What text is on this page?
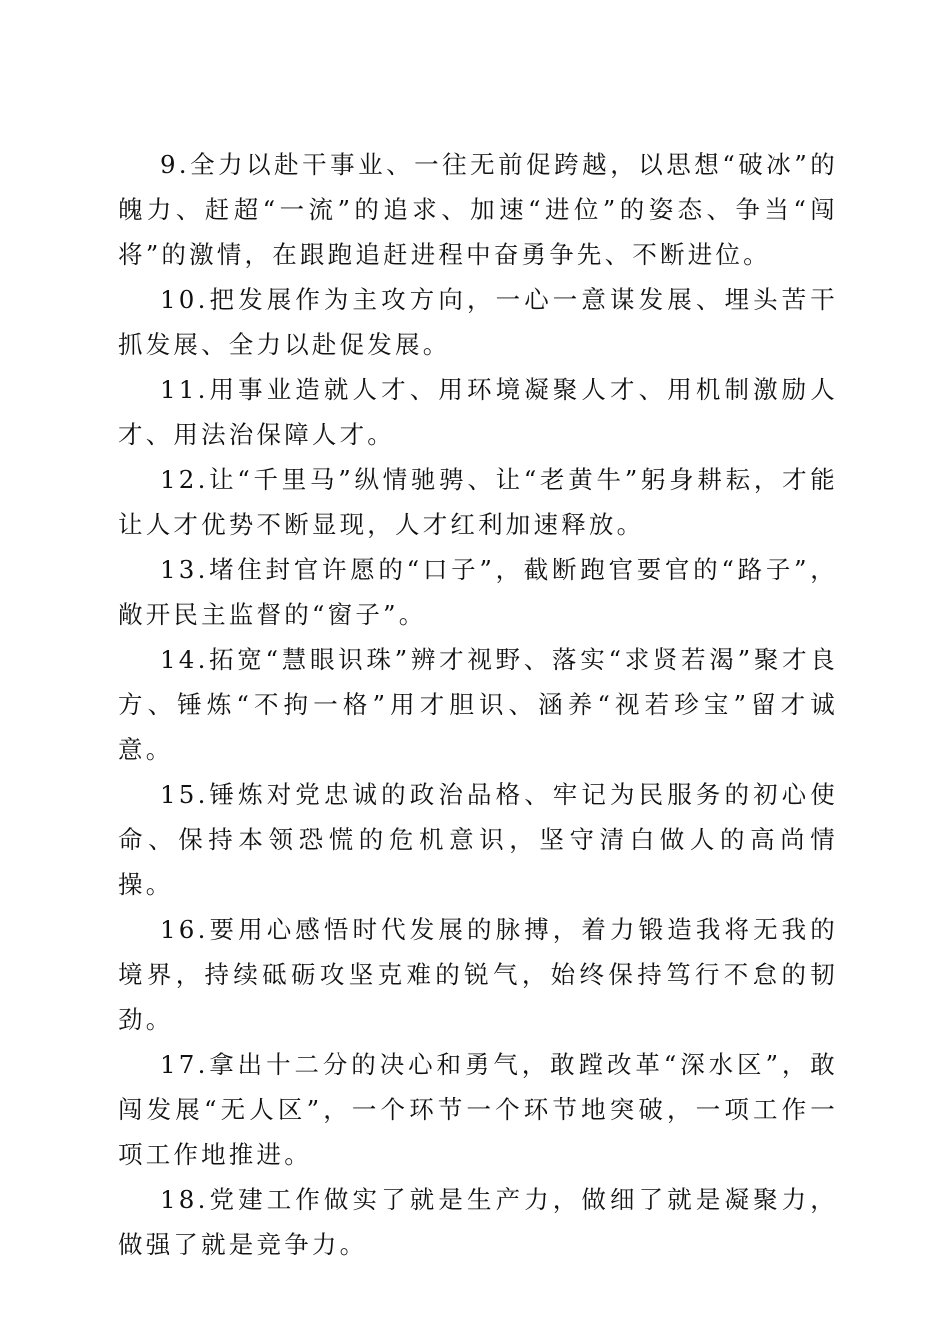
9.全力以赴干事业、一往无前促跨越，以思想“破冰”的魄力、赶超“一流”的追求、加速“进位”的姿态、争当“闯将”的激情，在跟跑追赶进程中奋勇争先、不断进位。

10.把发展作为主攻方向，一心一意谋发展、埋头苦干抓发展、全力以赴促发展。

11.用事业造就人才、用环境凝聚人才、用机制激励人才、用法治保障人才。

12.让“千里马”纵情驰骋、让“老黄牛”躬身耕耘，才能让人才优势不断显现，人才红利加速释放。

13.堵住封官许愿的“口子”，截断跑官要官的“路子”，敞开民主监督的“窗子”。

14.拓宽“慧眼识珠”辨才视野、落实“求贤若渴”聚才良方、锤炼“不拘一格”用才胆识、涵养“视若珍宝”留才诚意。

15.锤炼对党忠诚的政治品格、牢记为民服务的初心使命、保持本领恐慌的危机意识，坚守清白做人的高尚情操。

16.要用心感悟时代发展的脉搏，着力锻造我将无我的境界，持续砥砺攻坚克难的锐气，始终保持笃行不怠的韧劲。

17.拿出十二分的决心和勇气，敢蹚改革“深水区”，敢闯发展“无人区”，一个环节一个环节地突破，一项工作一项工作地推进。

18.党建工作做实了就是生产力，做细了就是凝聚力，做强了就是竞争力。
